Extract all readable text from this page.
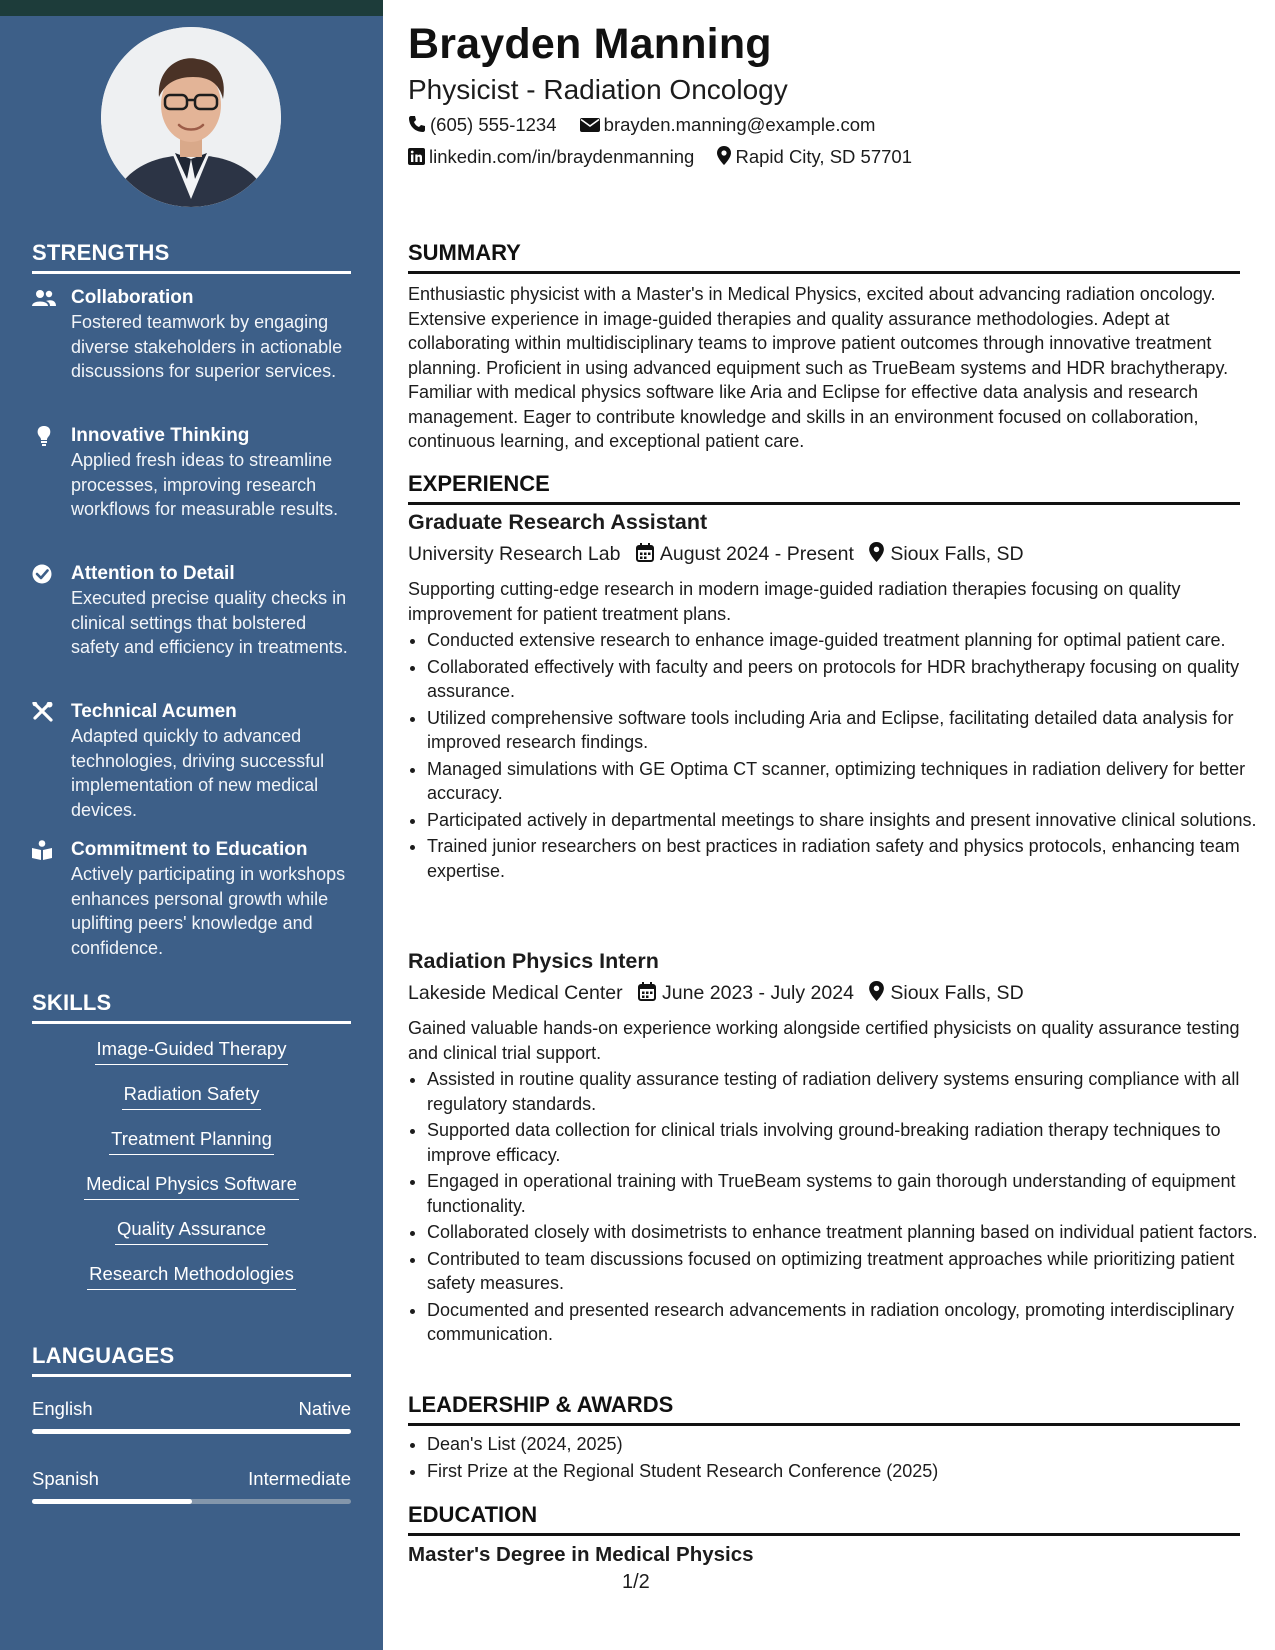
STRENGTHS
Collaboration
Fostered teamwork by engaging diverse stakeholders in actionable discussions for superior services.
Innovative Thinking
Applied fresh ideas to streamline processes, improving research workflows for measurable results.
Attention to Detail
Executed precise quality checks in clinical settings that bolstered safety and efficiency in treatments.
Technical Acumen
Adapted quickly to advanced technologies, driving successful implementation of new medical devices.
Commitment to Education
Actively participating in workshops enhances personal growth while uplifting peers' knowledge and confidence.
SKILLS
Image-Guided Therapy
Radiation Safety
Treatment Planning
Medical Physics Software
Quality Assurance
Research Methodologies
LANGUAGES
English	Native
Spanish	Intermediate
Brayden Manning
Physicist - Radiation Oncology
(605) 555-1234	brayden.manning@example.com
linkedin.com/in/braydenmanning Rapid City, SD 57701
SUMMARY
Enthusiastic physicist with a Master's in Medical Physics, excited about advancing radiation oncology. Extensive experience in image-guided therapies and quality assurance methodologies. Adept at collaborating within multidisciplinary teams to improve patient outcomes through innovative treatment planning. Proficient in using advanced equipment such as TrueBeam systems and HDR brachytherapy. Familiar with medical physics software like Aria and Eclipse for effective data analysis and research management. Eager to contribute knowledge and skills in an environment focused on collaboration, continuous learning, and exceptional patient care.
EXPERIENCE
Graduate Research Assistant
University Research Lab August 2024 - Present Sioux Falls, SD
Supporting cutting-edge research in modern image-guided radiation therapies focusing on quality improvement for patient treatment plans.
• Conducted extensive research to enhance image-guided treatment planning for optimal patient care.
• Collaborated effectively with faculty and peers on protocols for HDR brachytherapy focusing on quality assurance.
• Utilized comprehensive software tools including Aria and Eclipse, facilitating detailed data analysis for improved research findings.
• Managed simulations with GE Optima CT scanner, optimizing techniques in radiation delivery for better accuracy.
• Participated actively in departmental meetings to share insights and present innovative clinical solutions.
• Trained junior researchers on best practices in radiation safety and physics protocols, enhancing team expertise.
Radiation Physics Intern
Lakeside Medical Center June 2023 - July 2024 Sioux Falls, SD
Gained valuable hands-on experience working alongside certified physicists on quality assurance testing and clinical trial support.
• Assisted in routine quality assurance testing of radiation delivery systems ensuring compliance with all regulatory standards.
• Supported data collection for clinical trials involving ground-breaking radiation therapy techniques to improve efficacy.
• Engaged in operational training with TrueBeam systems to gain thorough understanding of equipment functionality.
• Collaborated closely with dosimetrists to enhance treatment planning based on individual patient factors.
• Contributed to team discussions focused on optimizing treatment approaches while prioritizing patient safety measures.
• Documented and presented research advancements in radiation oncology, promoting interdisciplinary communication.
LEADERSHIP & AWARDS
• Dean's List (2024, 2025)
• First Prize at the Regional Student Research Conference (2025)
EDUCATION
Master's Degree in Medical Physics
1/2
